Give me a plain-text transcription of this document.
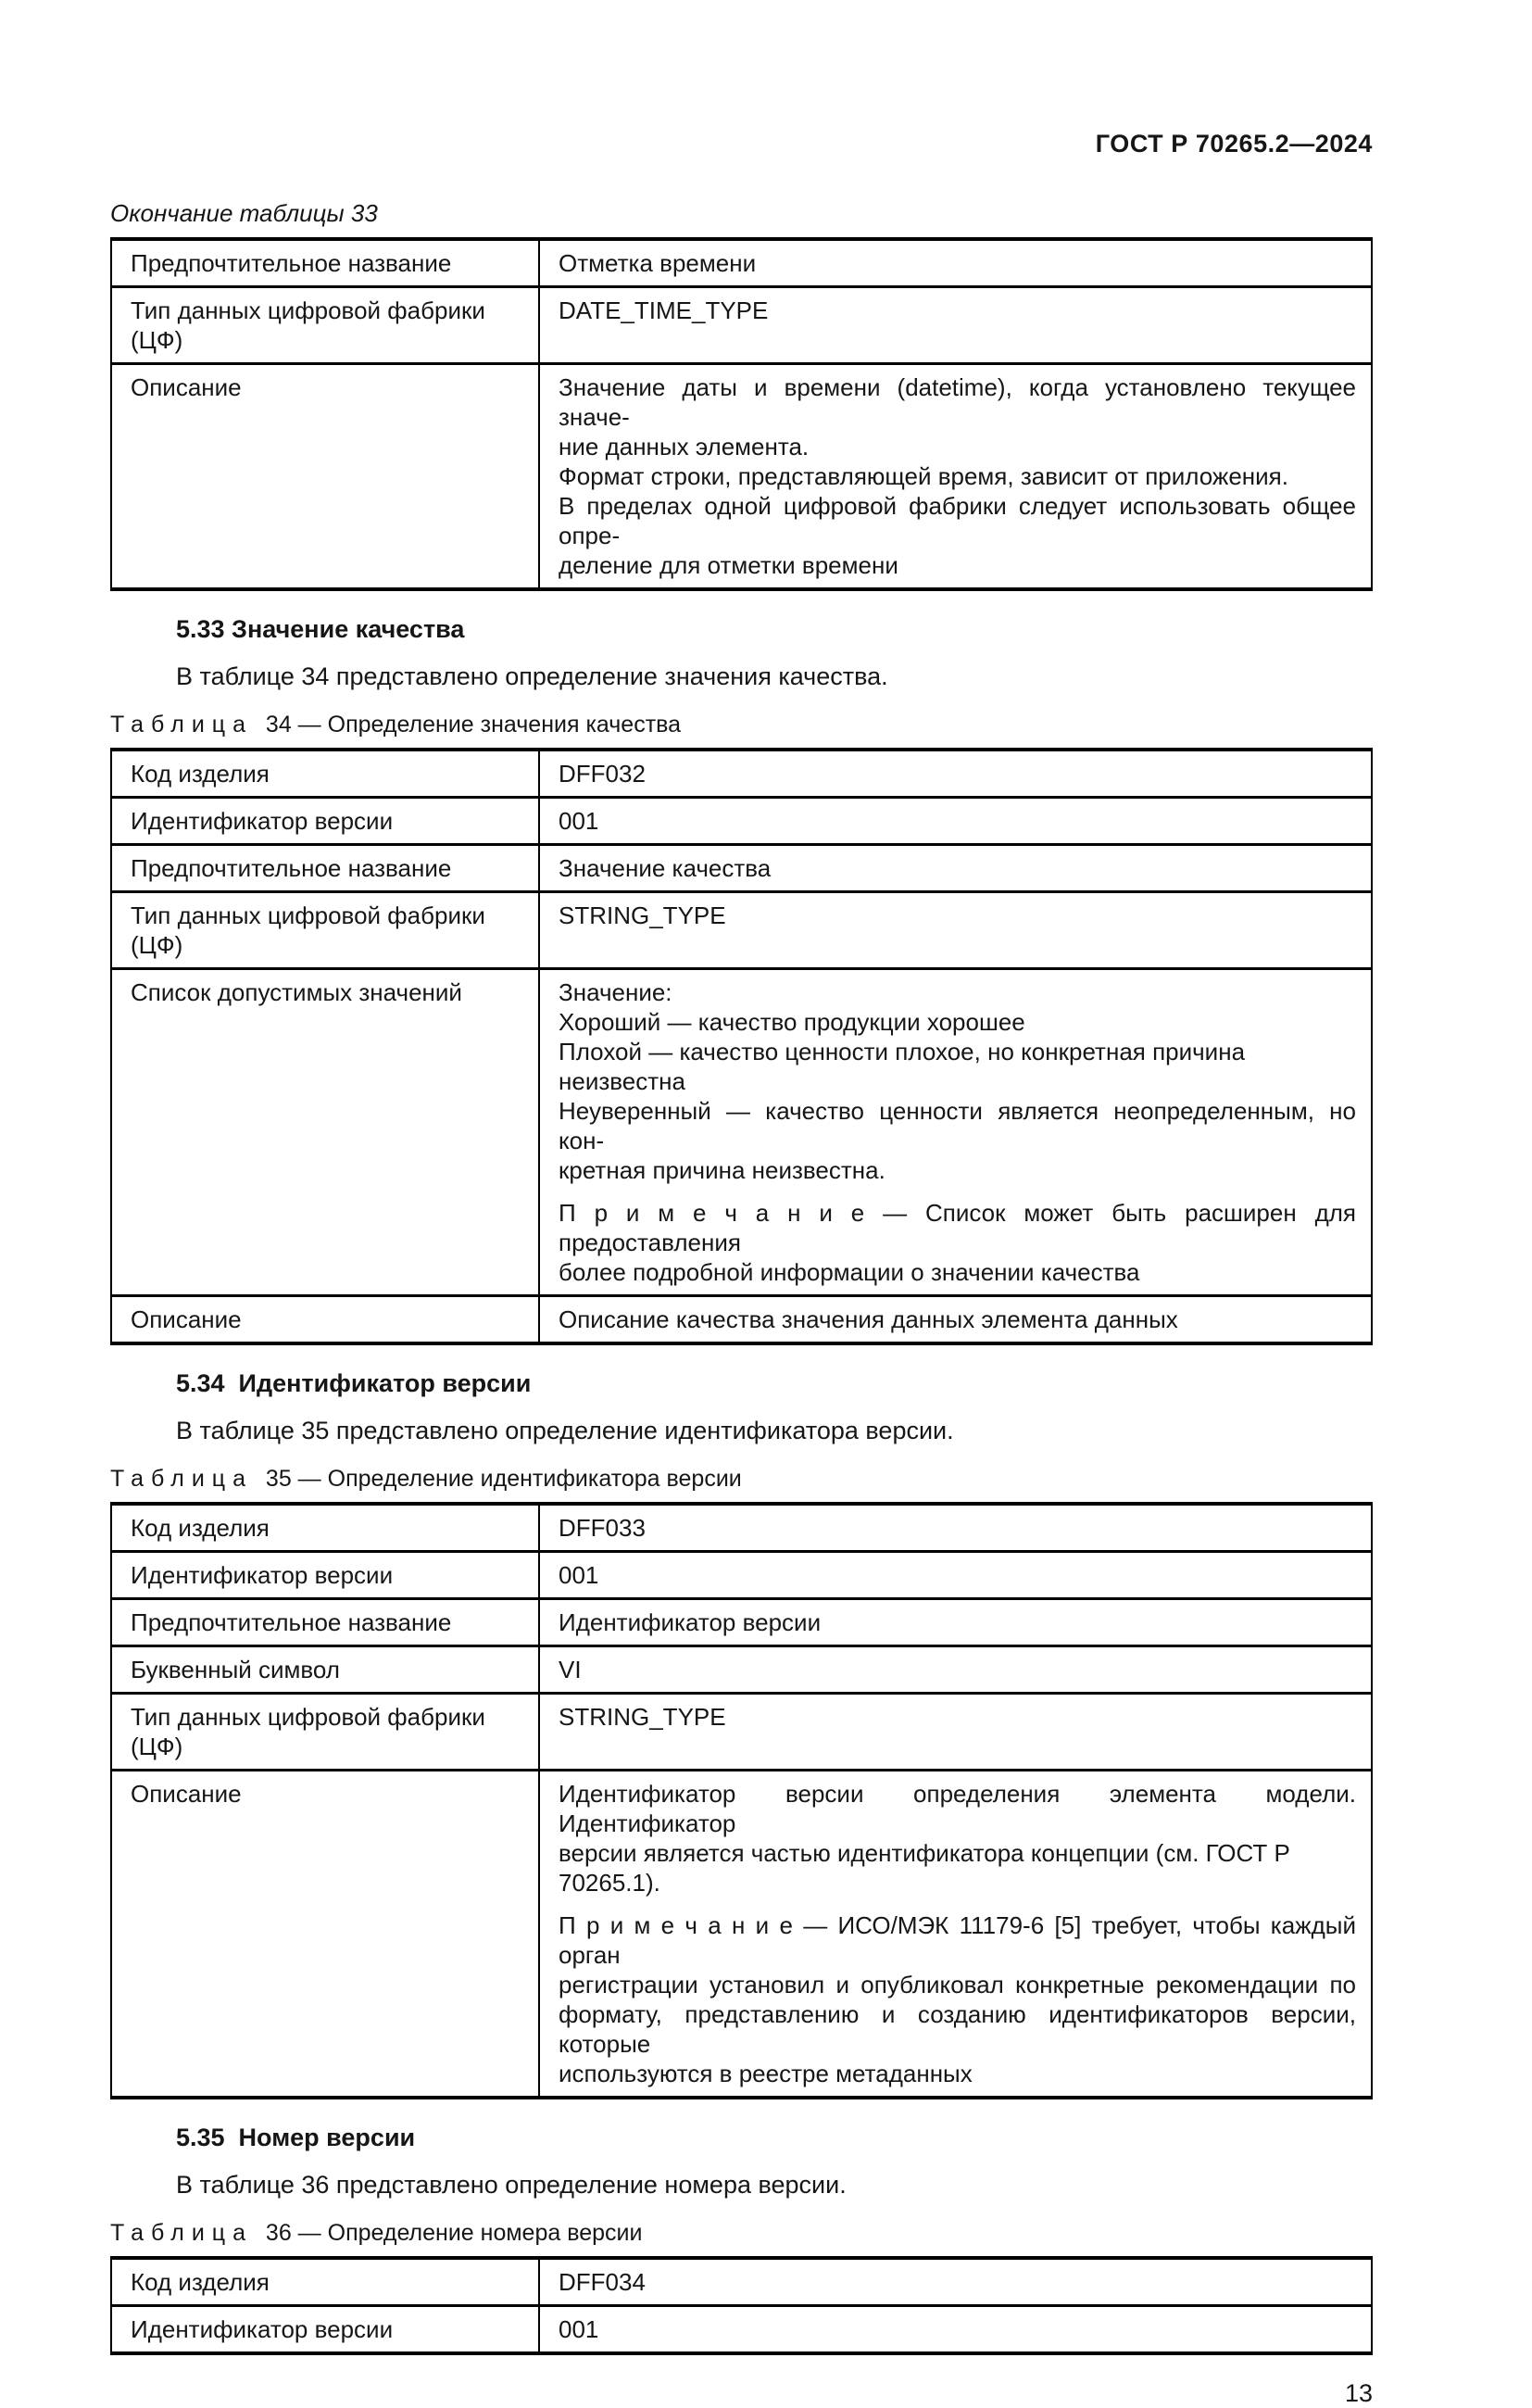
ГОСТ Р 70265.2—2024
Окончание таблицы 33
Предпочтительное название	Отметка времени
Тип данных цифровой фабрики (ЦФ)
DATE_TIME_TYPE
Описание	Значение даты и времени (datetime), когда установлено текущее значе-
ние данных элемента.
Формат строки, представляющей время, зависит от приложения.
В пределах одной цифровой фабрики следует использовать общее опре-
деление для отметки времени
5.33 Значение качества
В таблице 34 представлено определение значения качества.
Таблица  34 — Определение значения качества
Код изделия	DFF032
Идентификатор версии	001
Предпочтительное название	Значение качества
Тип данных цифровой фабрики (ЦФ)
STRING_TYPE
Список допустимых значений	Значение:
Хороший — качество продукции хорошее
Плохой — качество ценности плохое, но конкретная причина неизвестна
Неуверенный — качество ценности является неопределенным, но кон-
кретная причина неизвестна.
П р и м е ч а н и е — Список может быть расширен для предоставления
более подробной информации о значении качества
Описание	Описание качества значения данных элемента данных
5.34  Идентификатор версии
В таблице 35 представлено определение идентификатора версии.
Таблица  35 — Определение идентификатора версии
Код изделия	DFF033
Идентификатор версии	001
Предпочтительное название	Идентификатор версии
Буквенный символ	VI
Тип данных цифровой фабрики (ЦФ)
STRING_TYPE
Описание	Идентификатор версии определения элемента модели. Идентификатор
версии является частью идентификатора концепции (см. ГОСТ Р 70265.1).
П р и м е ч а н и е — ИСО/МЭК 11179-6 [5] требует, чтобы каждый орган
регистрации установил и опубликовал конкретные рекомендации по
формату, представлению и созданию идентификаторов версии, которые
используются в реестре метаданных
5.35  Номер версии
В таблице 36 представлено определение номера версии.
Таблица  36 — Определение номера версии
Код изделия	DFF034
Идентификатор версии	001
13
